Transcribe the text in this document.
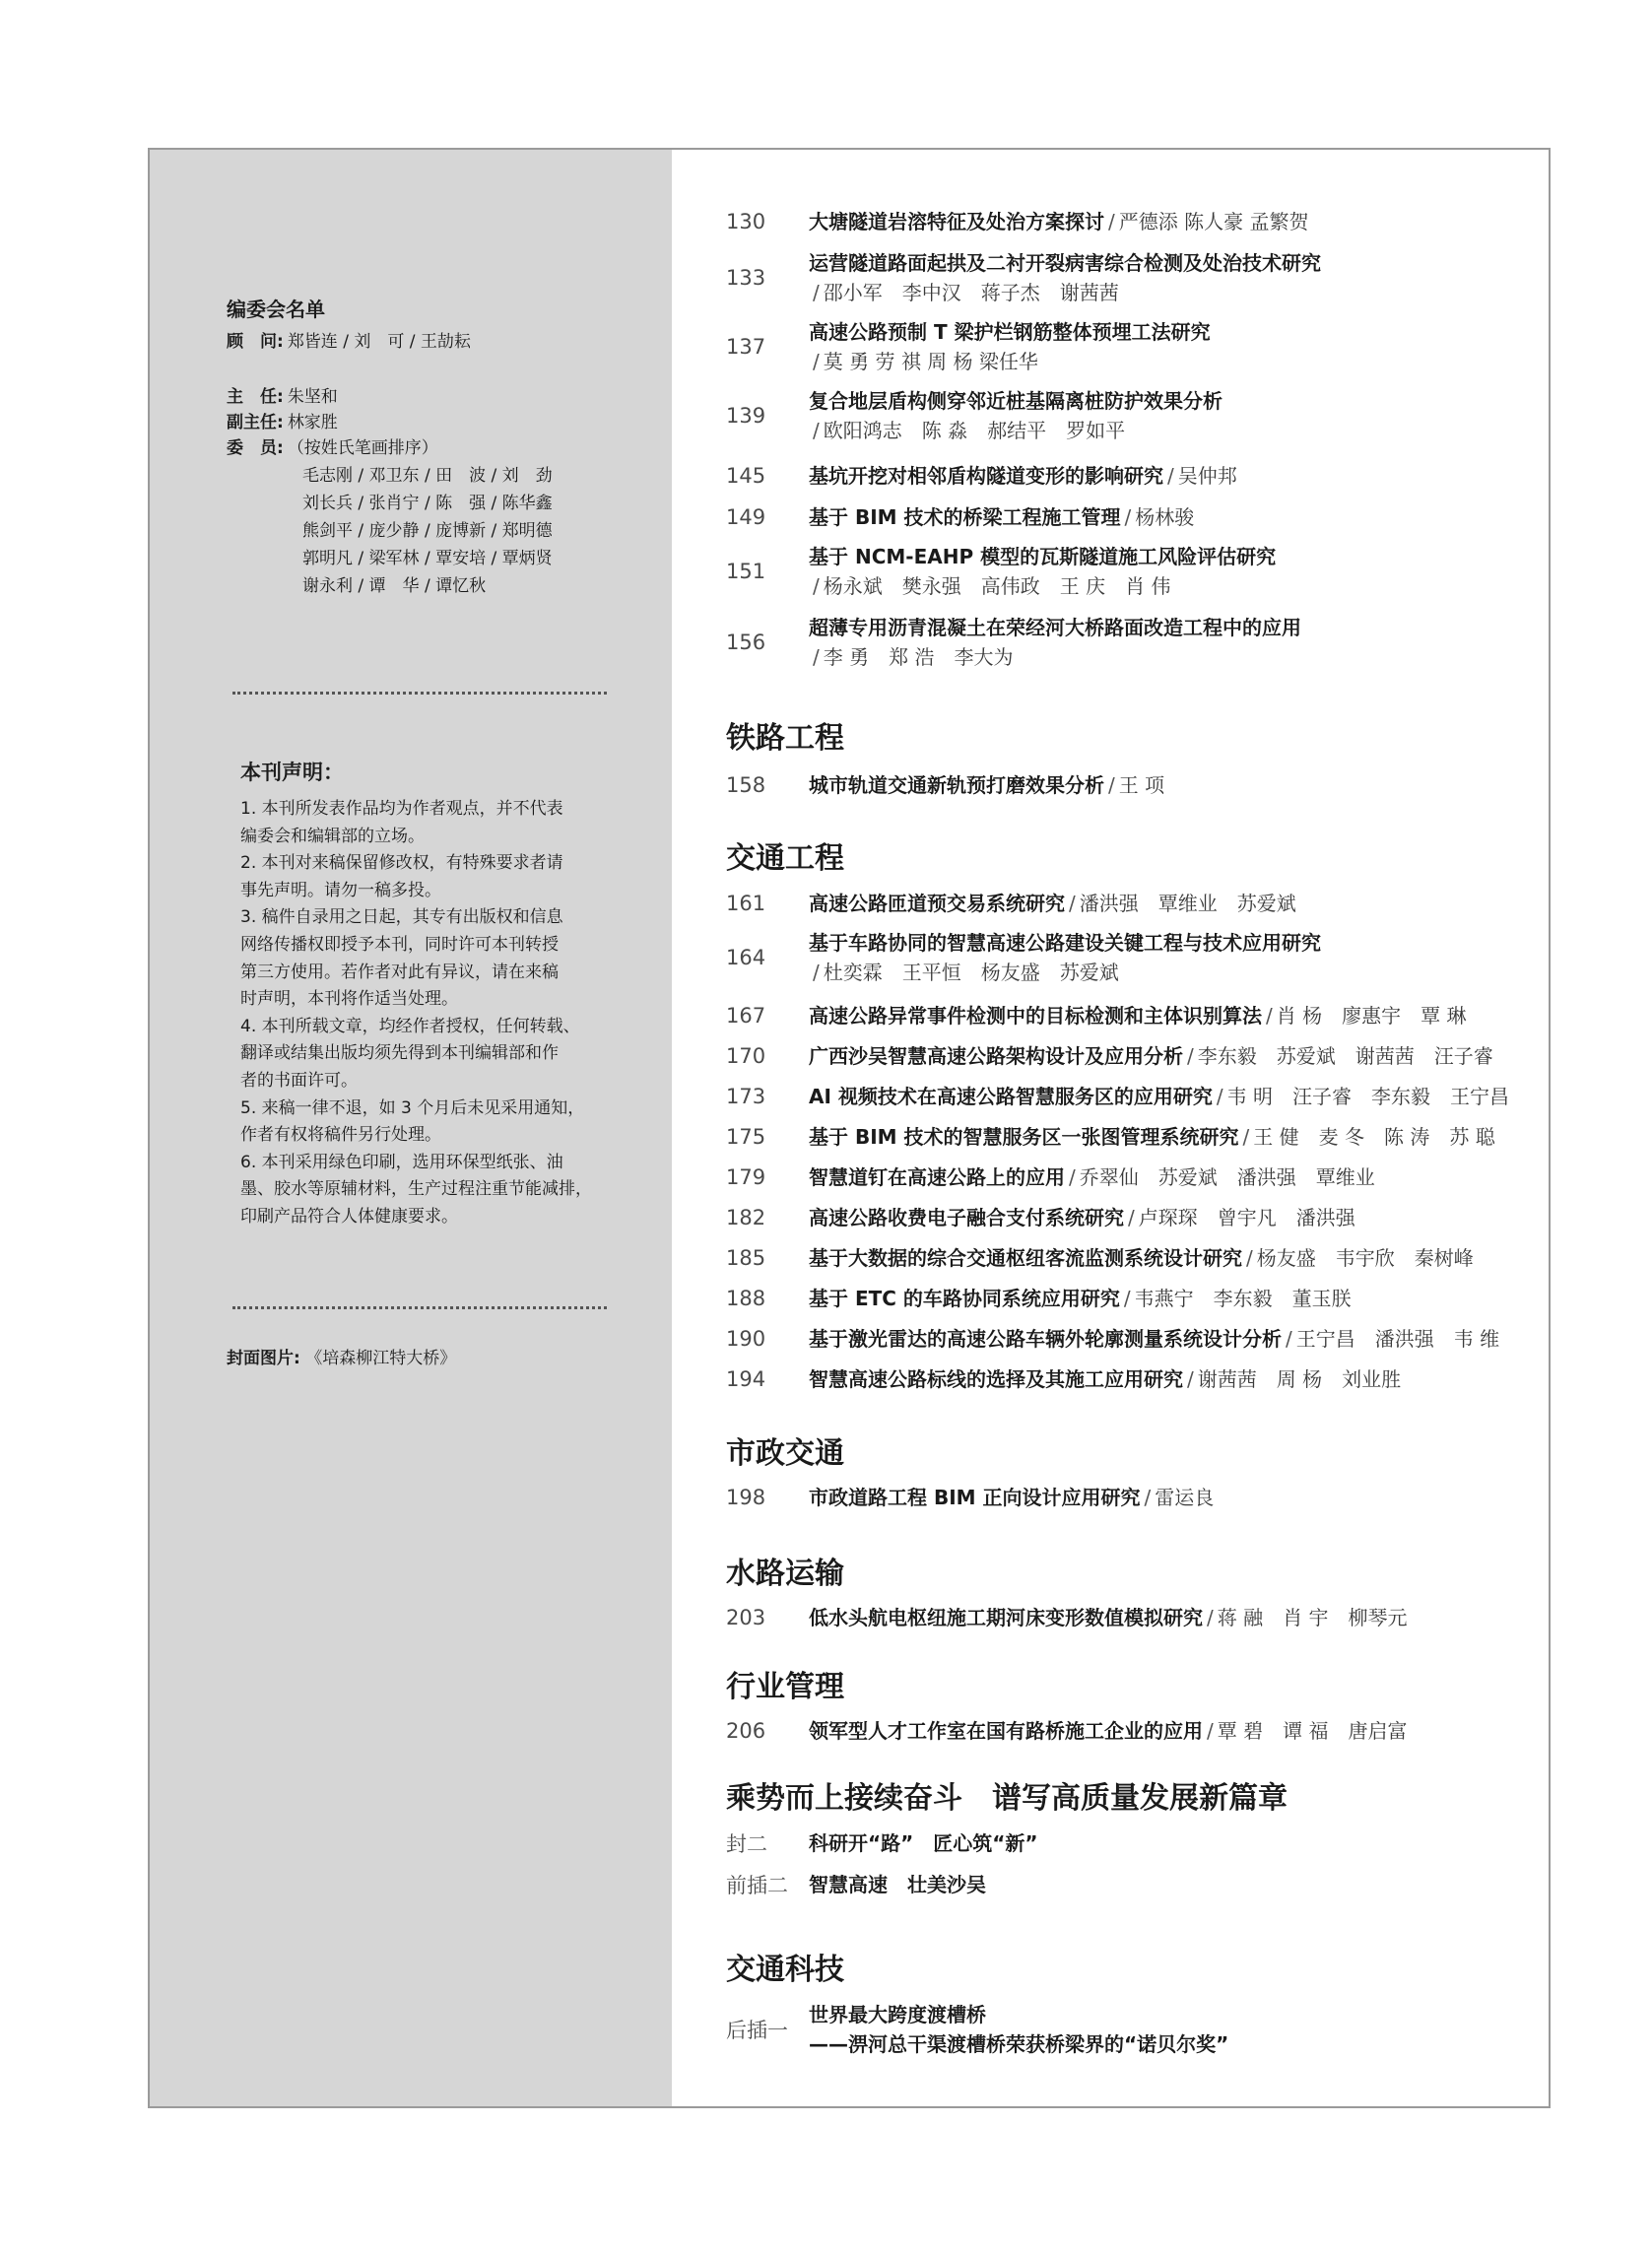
编委会名单
顾　问: 郑皆连 / 刘　可 / 王劼耘
主　任: 朱坚和
副主任: 林家胜
委　员: （按姓氏笔画排序）
毛志刚 / 邓卫东 / 田　波 / 刘　劲
刘长兵 / 张肖宁 / 陈　强 / 陈华鑫
熊剑平 / 庞少静 / 庞博新 / 郑明德
郭明凡 / 梁军林 / 覃安培 / 覃炳贤
谢永利 / 谭　华 / 谭忆秋
本刊声明：

1. 本刊所发表作品均为作者观点，并不代表

编委会和编辑部的立场。

2. 本刊对来稿保留修改权，有特殊要求者请

事先声明。请勿一稿多投。

3. 稿件自录用之日起，其专有出版权和信息

网络传播权即授予本刊，同时许可本刊转授

第三方使用。若作者对此有异议，请在来稿

时声明，本刊将作适当处理。

4. 本刊所载文章，均经作者授权，任何转载、

翻译或结集出版均须先得到本刊编辑部和作

者的书面许可。

5. 来稿一律不退，如 3 个月后未见采用通知，

作者有权将稿件另行处理。

6. 本刊采用绿色印刷，选用环保型纸张、油

墨、胶水等原辅材料，生产过程注重节能减排，

印刷产品符合人体健康要求。

封面图片: 《培森柳江特大桥》
130 大塘隧道岩溶特征及处治方案探讨 / 严德添 陈人豪 孟繁贺
133
运营隧道路面起拱及二衬开裂病害综合检测及处治技术研究
/ 邵小军　李中汉　蒋子杰　谢茜茜
137
高速公路预制 T 梁护栏钢筋整体预埋工法研究
/ 莫 勇 劳 祺 周 杨 梁任华
139
复合地层盾构侧穿邻近桩基隔离桩防护效果分析
/ 欧阳鸿志　陈 淼　郝结平　罗如平
145 基坑开挖对相邻盾构隧道变形的影响研究 / 吴仲邦
149 基于 BIM 技术的桥梁工程施工管理 / 杨林骏
151
基于 NCM-EAHP 模型的瓦斯隧道施工风险评估研究
/ 杨永斌　樊永强　高伟政　王 庆　肖 伟
156
超薄专用沥青混凝土在荣经河大桥路面改造工程中的应用
/ 李 勇　郑 浩　李大为
铁路工程
158 城市轨道交通新轨预打磨效果分析 / 王 项
交通工程
161 高速公路匝道预交易系统研究 / 潘洪强　覃维业　苏爱斌
164
基于车路协同的智慧高速公路建设关键工程与技术应用研究
/ 杜奕霖　王平恒　杨友盛　苏爱斌
167 高速公路异常事件检测中的目标检测和主体识别算法 / 肖 杨　廖惠宇　覃 琳
170 广西沙吴智慧高速公路架构设计及应用分析 / 李东毅　苏爱斌　谢茜茜　汪子睿
173 AI 视频技术在高速公路智慧服务区的应用研究 / 韦 明　汪子睿　李东毅　王宁昌
175 基于 BIM 技术的智慧服务区一张图管理系统研究 / 王 健　麦 冬　陈 涛　苏 聪
179 智慧道钉在高速公路上的应用 / 乔翠仙　苏爱斌　潘洪强　覃维业
182 高速公路收费电子融合支付系统研究 / 卢琛琛　曾宇凡　潘洪强
185 基于大数据的综合交通枢纽客流监测系统设计研究 / 杨友盛　韦宇欣　秦树峰
188 基于 ETC 的车路协同系统应用研究 / 韦燕宁　李东毅　董玉朕
190 基于激光雷达的高速公路车辆外轮廓测量系统设计分析 / 王宁昌　潘洪强　韦 维
194 智慧高速公路标线的选择及其施工应用研究 / 谢茜茜　周 杨　刘业胜
市政交通
198 市政道路工程 BIM 正向设计应用研究 / 雷运良
水路运输
203 低水头航电枢纽施工期河床变形数值模拟研究 / 蒋 融　肖 宇　柳琴元
行业管理
206 领军型人才工作室在国有路桥施工企业的应用 / 覃 碧　谭 福　唐启富
乘势而上接续奋斗　谱写高质量发展新篇章
封二 科研开“路”　匠心筑“新”
前插二 智慧高速　壮美沙吴
交通科技
后插一
世界最大跨度渡槽桥
——淠河总干渠渡槽桥荣获桥梁界的“诺贝尔奖”
